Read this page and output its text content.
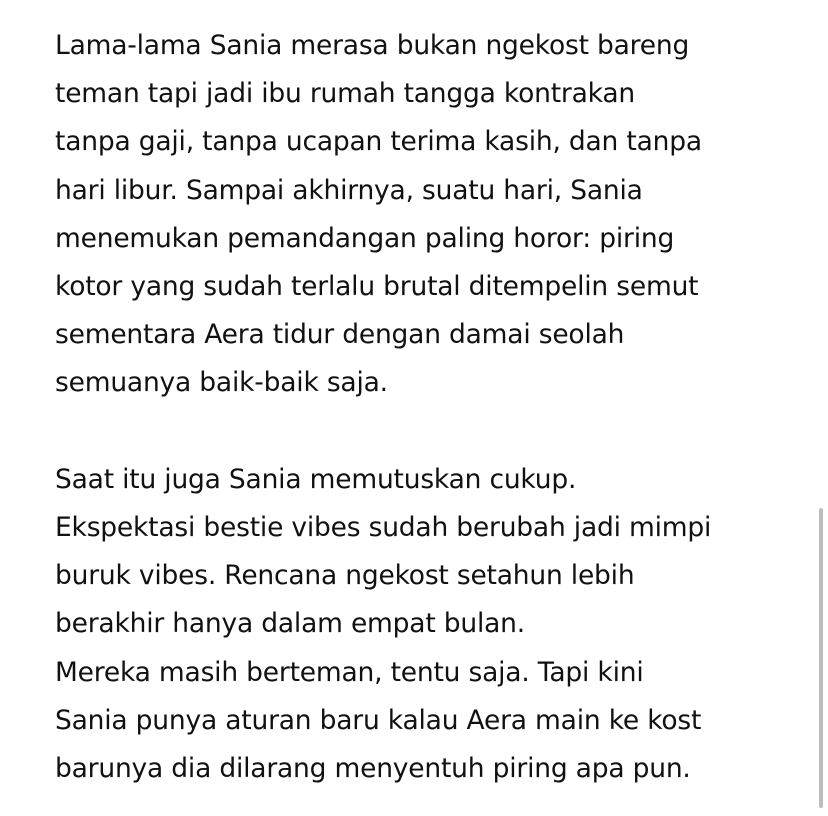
Lama-lama Sania merasa bukan ngekost bareng
teman tapi jadi ibu rumah tangga kontrakan
tanpa gaji, tanpa ucapan terima kasih, dan tanpa
hari libur. Sampai akhirnya, suatu hari, Sania
menemukan pemandangan paling horor: piring
kotor yang sudah terlalu brutal ditempelin semut
sementara Aera tidur dengan damai seolah
semuanya baik-baik saja.
Saat itu juga Sania memutuskan cukup.
Ekspektasi bestie vibes sudah berubah jadi mimpi
buruk vibes. Rencana ngekost setahun lebih
berakhir hanya dalam empat bulan.
Mereka masih berteman, tentu saja. Tapi kini
Sania punya aturan baru kalau Aera main ke kost
barunya dia dilarang menyentuh piring apa pun.
